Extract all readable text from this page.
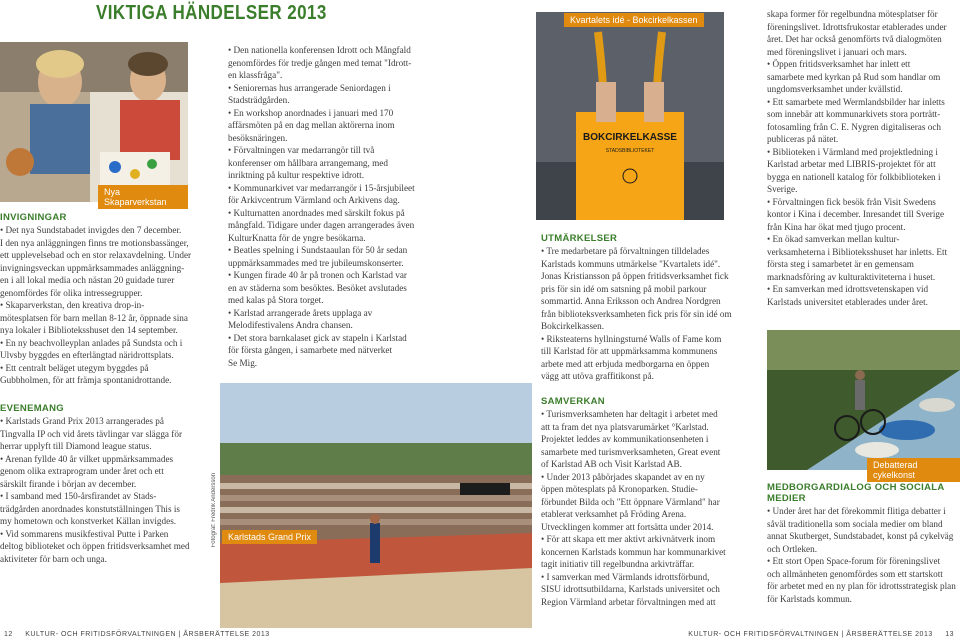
VIKTIGA HÄNDELSER 2013
Nya Skaparverkstan
INVIGNINGAR

• Det nya Sundstabadet invigdes den 7 december.

I den nya anläggningen finns tre motionsbassänger,

ett upplevelsebad och en stor relaxavdelning. Under

invigningsveckan uppmärksammades anläggning-

en i all lokal media och nästan 20 guidade turer

genomfördes för olika intressegrupper.

• Skaparverkstan, den kreativa drop-in-

mötesplatsen för barn mellan 8-12 år, öppnade sina

nya lokaler i Biblioteksshuset den 14 september.

• En ny beachvolleyplan anlades på Sundsta och i

Ulvsby byggdes en efterlängtad näridrottsplats.

• Ett centralt beläget utegym byggdes på

Gubbholmen, för att främja spontanidrottande.

EVENEMANG

• Karlstads Grand Prix 2013 arrangerades på

Tingvalla IP och vid årets tävlingar var slägga för

herrar upplyft till Diamond league status.

• Arenan fyllde 40 år vilket uppmärksammades

genom olika extraprogram under året och ett

särskilt firande i början av december.

• I samband med 150-årsfirandet av Stads-

trädgården anordnades konstutställningen This is

my hometown och konstverket Källan invigdes.

• Vid sommarens musikfestival Putte i Parken

deltog biblioteket och öppen fritidsverksamhet med

aktiviteter för barn och unga.

• Den nationella konferensen Idrott och Mångfald

genomfördes för tredje gången med temat "Idrott-

en klassfråga".

• Seniorernas hus arrangerade Seniordagen i

Stadsträdgården.

• En workshop anordnades i januari med 170

affärsmöten på en dag mellan aktörerna inom

besöksnäringen.

• Förvaltningen var medarrangör till två

konferenser om hållbara arrangemang, med

inriktning på kultur respektive idrott.

• Kommunarkivet var medarrangör i 15-årsjubileet

för Arkivcentrum Värmland och Arkivens dag.

• Kulturnatten anordnades med särskilt fokus på

mångfald. Tidigare under dagen arrangerades även

KulturKnatta för de yngre besökarna.

• Beatles spelning i Sundstaaulan för 50 år sedan

uppmärksammades med tre jubileumskonserter.

• Kungen firade 40 år på tronen och Karlstad var

en av städerna som besöktes. Besöket avslutades

med kalas på Stora torget.

• Karlstad arrangerade årets upplaga av

Melodifestivalens Andra chansen.

• Det stora barnkalaset gick av stapeln i Karlstad

för första gången, i samarbete med nätverket

Se Mig.

BOKCIRKELKASSE
STADSBIBLIOTEKET
Kvartalets idé - Bokcirkelkassen
UTMÄRKELSER

• Tre medarbetare på förvaltningen tilldelades

Karlstads kommuns utmärkelse "Kvartalets idé".

Jonas Kristiansson på öppen fritidsverksamhet fick

pris för sin idé om satsning på mobil parkour

sommartid. Anna Eriksson och Andrea Nordgren

från biblioteksverksamheten fick pris för sin idé om

Bokcirkelkassen.

• Riksteaterns hyllningsturné Walls of Fame kom

till Karlstad för att uppmärksamma kommunens

arbete med att erbjuda medborgarna en öppen

vägg att utöva graffitikonst på.

SAMVERKAN

• Turismverksamheten har deltagit i arbetet med

att ta fram det nya platsvarumärket °Karlstad.

Projektet leddes av kommunikationsenheten i

samarbete med turismverksamheten, Great event

of Karlstad AB och Visit Karlstad AB.

• Under 2013 påbörjades skapandet av en ny

öppen mötesplats på Kronoparken. Studie-

förbundet Bilda och "Ett öppnare Värmland" har

etablerat verksamhet på Fröding Arena.

Utvecklingen kommer att fortsätta under 2014.

• För att skapa ett mer aktivt arkivnätverk inom

koncernen Karlstads kommun har kommunarkivet

tagit initiativ till regelbundna arkivträffar.

• I samverkan med Värmlands idrottsförbund,

SISU idrottsutbildarna, Karlstads universitet och

Region Värmland arbetar förvaltningen med att

skapa former för regelbundna mötesplatser för

föreningslivet. Idrottsfrukostar etablerades under

året. Det har också genomförts två dialogmöten

med föreningslivet i januari och mars.

• Öppen fritidsverksamhet har inlett ett

samarbete med kyrkan på Rud som handlar om

ungdomsverksamhet under kvällstid.

• Ett samarbete med Wermlandsbilder har inletts

som innebär att kommunarkivets stora porträtt-

fotosamling från C. E. Nygren digitaliseras och

publiceras på nätet.

• Biblioteken i Värmland med projektledning i

Karlstad arbetar med LIBRIS-projektet för att

bygga en nationell katalog för folkbiblioteken i

Sverige.

• Förvaltningen fick besök från Visit Swedens

kontor i Kina i december. Inresandet till Sverige

från Kina har ökat med tjugo procent.

• En ökad samverkan mellan kultur-

verksamheterna i Biblioteksshuset har inletts. Ett

första steg i samarbetet är en gemensam

marknadsföring av kulturaktiviteterna i huset.

• En samverkan med idrottsvetenskapen vid

Karlstads universitet etablerades under året.

Fotograf: Fredrik Andersson	Karlstads Grand Prix
Debatterad cykelkonst
MEDBORGARDIALOG OCH SOCIALA MEDIER

• Under året har det förekommit flitiga debatter i

såväl traditionella som sociala medier om bland

annat Skutberget, Sundstabadet, konst på cykelväg

och Ortleken.

• Ett stort Open Space-forum för föreningslivet

och allmänheten genomfördes som ett startskott

för arbetet med en ny plan för idrottsstrategisk plan

för Karlstads kommun.

12 KULTUR- OCH FRITIDSFÖRVALTNINGEN | ÅRSBERÄTTELSE 2013	KULTUR- OCH FRITIDSFÖRVALTNINGEN | ÅRSBERÄTTELSE 2013 13
